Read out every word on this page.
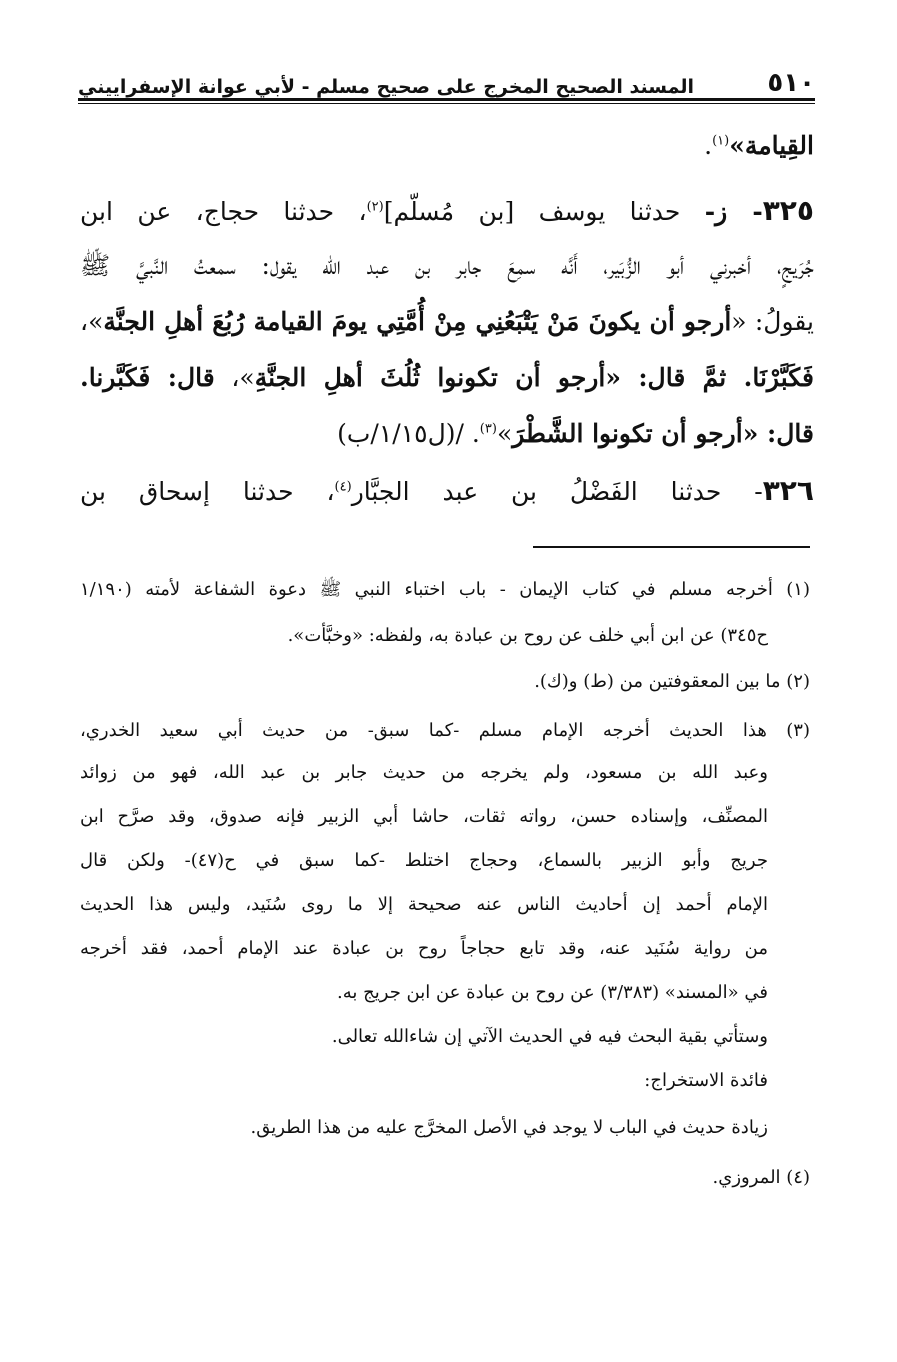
٥١٠
المسند الصحيح المخرج على صحيح مسلم - لأبي عوانة الإسفراييني
القِيامة»$^{(١)}$.
٣٢٥- ز- حدثنا يوسف [بن مُسلّم]$^{(٢)}$، حدثنا حجاج، عن ابن
جُرَيجٍ، أخبرني أبو الزُّبَير، أَنَّه سمِعَ جابر بن عبد الله يقول: سمعتُ النَّبيَّ ﷺ
يقولُ: «أرجو أن يكونَ مَنْ يَتْبَعُنِي مِنْ أُمَّتِي يومَ القيامة رُبُعَ أهلِ الجنَّة»،
فَكَبَّرْنَا. ثمَّ قال: «أرجو أن تكونوا ثُلُثَ أهلِ الجنَّةِ»، قال: فَكَبَّرنا.
قال: «أرجو أن تكونوا الشَّطْرَ»$^{(٣)}$. /(ل١/١٥/ب)
٣٢٦- حدثنا الفَضْلُ بن عبد الجبَّار$^{(٤)}$، حدثنا إسحاق بن
(١) أخرجه مسلم في كتاب الإيمان - باب اختباء النبي ﷺ دعوة الشفاعة لأمته (١/١٩٠
ح٣٤٥) عن ابن أبي خلف عن روح بن عبادة به، ولفظه: «وخبَّأت».
(٢) ما بين المعقوفتين من (ط) و(ك).
(٣) هذا الحديث أخرجه الإمام مسلم -كما سبق- من حديث أبي سعيد الخدري،
وعبد الله بن مسعود، ولم يخرجه من حديث جابر بن عبد الله، فهو من زوائد
المصنِّف، وإسناده حسن، رواته ثقات، حاشا أبي الزبير فإنه صدوق، وقد صرَّح ابن
جريج وأبو الزبير بالسماع، وحجاج اختلط -كما سبق في ح(٤٧)- ولكن قال
الإمام أحمد إن أحاديث الناس عنه صحيحة إلا ما روى سُنَيد، وليس هذا الحديث
من رواية سُنَيد عنه، وقد تابع حجاجاً روح بن عبادة عند الإمام أحمد، فقد أخرجه
في «المسند» (٣/٣٨٣) عن روح بن عبادة عن ابن جريج به.
وستأتي بقية البحث فيه في الحديث الآتي إن شاءالله تعالى.
فائدة الاستخراج:
زيادة حديث في الباب لا يوجد في الأصل المخرَّج عليه من هذا الطريق.
(٤) المروزي.
